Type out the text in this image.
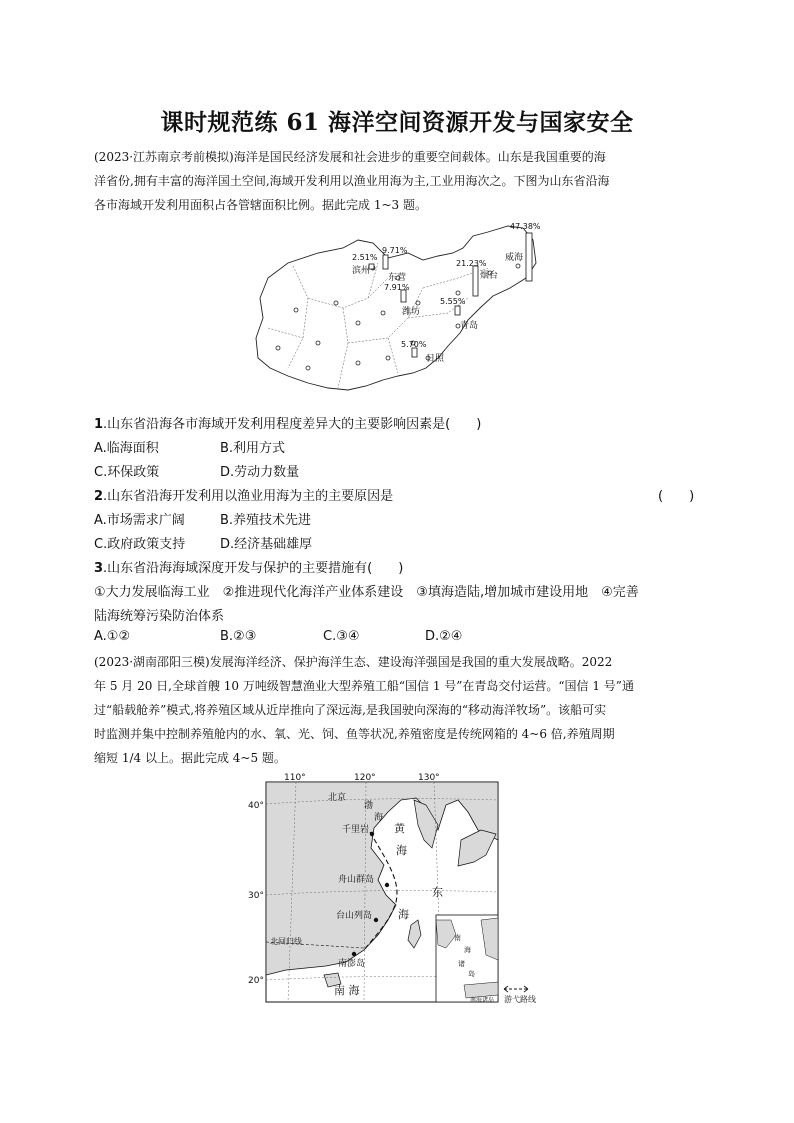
课时规范练 61 海洋空间资源开发与国家安全
(2023·江苏南京考前模拟)海洋是国民经济发展和社会进步的重要空间载体。山东是我国重要的海
洋省份,拥有丰富的海洋国土空间,海域开发利用以渔业用海为主,工业用海次之。下图为山东省沿海
各市海域开发利用面积占各管辖面积比例。据此完成 1~3 题。
2.51%
9.71%
7.91%
5.55%
5.70%
21.23%
47.38%
滨州
东营
潍坊
青岛
日照
烟台
威海
1.山东省沿海各市海域开发利用程度差异大的主要影响因素是(　　)
A.临海面积	B.利用方式
C.环保政策	D.劳动力数量
2.山东省沿海开发利用以渔业用海为主的主要原因是	(　　)
A.市场需求广阔	B.养殖技术先进
C.政府政策支持	D.经济基础雄厚
3.山东省沿海海域深度开发与保护的主要措施有(　　)
①大力发展临海工业　②推进现代化海洋产业体系建设　③填海造陆,增加城市建设用地　④完善
陆海统筹污染防治体系
A.①②	B.②③	C.③④	D.②④
(2023·湖南邵阳三模)发展海洋经济、保护海洋生态、建设海洋强国是我国的重大发展战略。2022
年 5 月 20 日,全球首艘 10 万吨级智慧渔业大型养殖工船“国信 1 号”在青岛交付运营。“国信 1 号”通
过“船载舱养”模式,将养殖区域从近岸推向了深远海,是我国驶向深海的“移动海洋牧场”。该船可实
时监测并集中控制养殖舱内的水、氧、光、饲、鱼等状况,养殖密度是传统网箱的 4~6 倍,养殖周期
缩短 1/4 以上。据此完成 4~5 题。
南
海
诸
岛
南海诸岛
110°	120°	130°
40°
30°
20°
北京
渤
海
千里岩 黄
海
舟山群岛
东
海
台山列岛
北回归线
南澎岛
南 海
游弋路线
